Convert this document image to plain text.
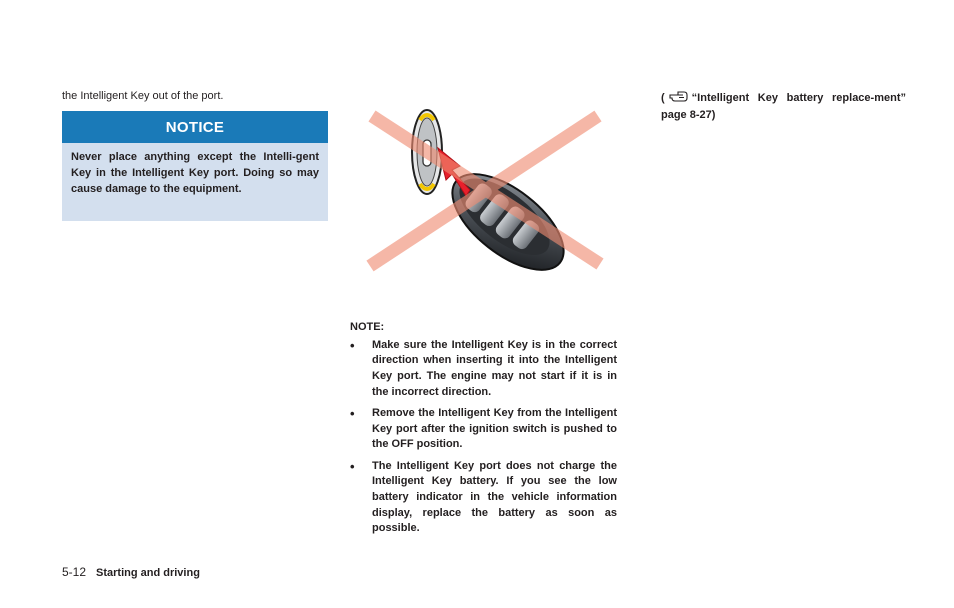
the Intelligent Key out of the port.
NOTICE
Never place anything except the Intelli-gent Key in the Intelligent Key port. Doing so may cause damage to the equipment.
NOTE:
• Make sure the Intelligent Key is in the correct direction when inserting it into the Intelligent Key port. The engine may not start if it is in the incorrect direction.
• Remove the Intelligent Key from the Intelligent Key port after the ignition switch is pushed to the OFF position.
• The Intelligent Key port does not charge the Intelligent Key battery. If you see the low battery indicator in the vehicle information display, replace the battery as soon as possible.
( “Intelligent Key battery replace-ment” page 8-27)
5-12 Starting and driving
